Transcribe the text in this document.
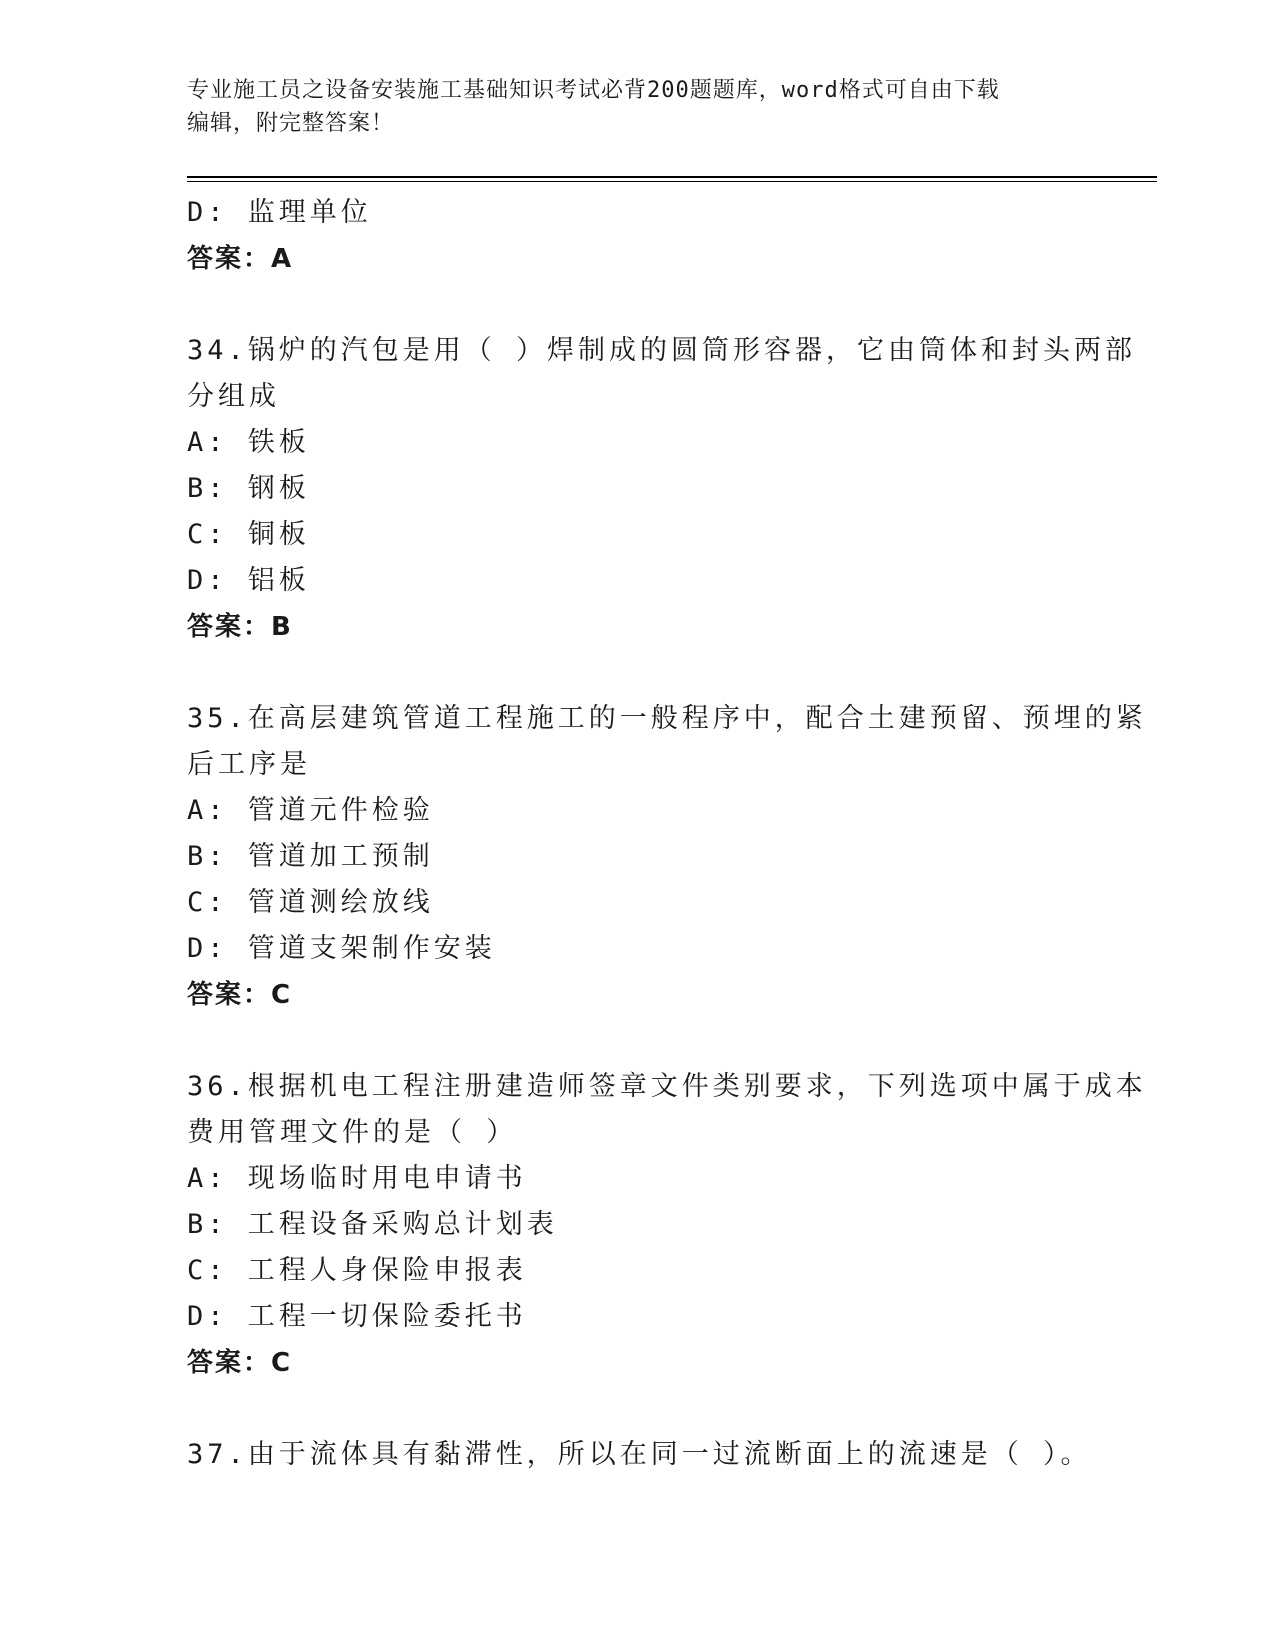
专业施工员之设备安装施工基础知识考试必背200题题库，word格式可自由下载
编辑，附完整答案！
D: 监理单位
答案：A
34.锅炉的汽包是用（ ）焊制成的圆筒形容器，它由筒体和封头两部
分组成
A: 铁板
B: 钢板
C: 铜板
D: 铝板
答案：B
35.在高层建筑管道工程施工的一般程序中，配合土建预留、预埋的紧
后工序是
A: 管道元件检验
B: 管道加工预制
C: 管道测绘放线
D: 管道支架制作安装
答案：C
36.根据机电工程注册建造师签章文件类别要求，下列选项中属于成本
费用管理文件的是（ ）
A: 现场临时用电申请书
B: 工程设备采购总计划表
C: 工程人身保险申报表
D: 工程一切保险委托书
答案：C
37.由于流体具有黏滞性，所以在同一过流断面上的流速是（ ）。
